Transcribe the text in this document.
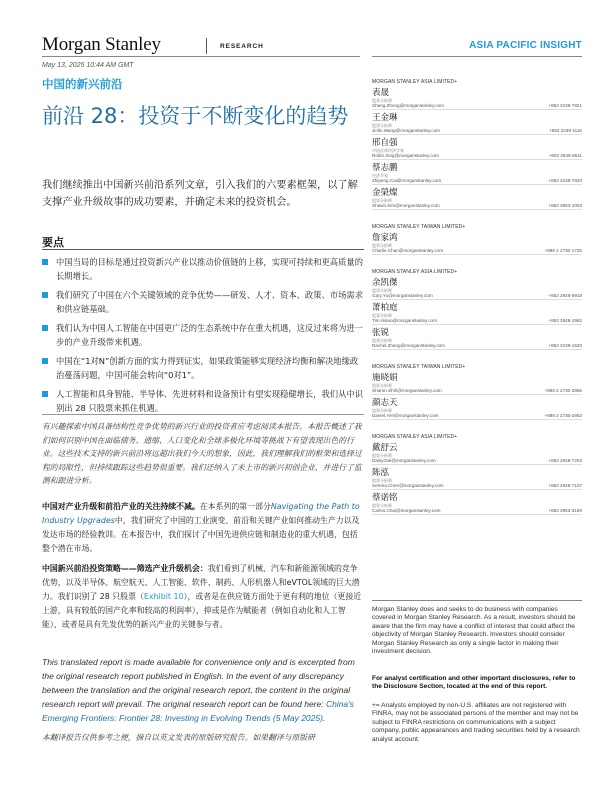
Morgan Stanley	RESEARCH	ASIA PACIFIC INSIGHT
May 13, 2025 10:44 AM GMT
中国的新兴前沿
前沿 28：投资于不断变化的趋势
我们继续推出中国新兴前沿系列文章，引入我们的六要素框架，以了解支撑产业升级故事的成功要素，并确定未来的投资机会。
要点
中国当局的目标是通过投资新兴产业以推动价值链的上移，实现可持续和更高质量的长期增长。
我们研究了中国在六个关键领域的竞争优势——研发、人才、资本、政策、市场需求和供应链基础。
我们认为中国人工智能在中国更广泛的生态系统中存在重大机遇，这反过来将为进一步的产业升级带来机遇。
中国在“1对N”创新方面的实力得到证实，如果政策能够实现经济均衡和解决地缘政治蔓荡问题，中国可能会转向“0对1”。
人工智能和具身智能、半导体、先进材料和设备预计有望实现稳健增长，我们从中识别出 28 只股票来抓住机遇。
有兴趣探索中国具备结构性竞争优势的新兴行业的投资者应考虑阅读本报告。本报告概述了我们如何识别中国在面临债务、通缩、人口变化和全球多极化环境等挑战下有望表现出色的行业。这些技术支持的新兴前沿将远超出我们今天的想象，因此，我们理解我们的框架和选择过程的局限性，但持续跟踪这些趋势很重要。我们还纳入了未上市的新兴初创企业，并进行了监测和跟进分析。
中国对产业升级和前沿产业的关注持续不减。在本系列的第一部分Navigating the Path to Industry Upgrades中，我们研究了中国的工业演变、前沿和关键产业如何推动生产力以及发达市场的经验教训。在本报告中，我们探讨了中国先进供应链和制造业的重大机遇，包括整个潜在市场。
中国新兴前沿投资策略——筛选产业升级机会：我们看到了机械、汽车和新能源领域的竞争优势，以及半导体、航空航天、人工智能、软件、制药、人形机器人和eVTOL领域的巨大潜力。我们识别了 28 只股票（Exhibit 10），或者是在供应链方面处于更有利的地位（更接近上游，具有较低的国产化率和较高的利润率），抑或是作为赋能者（例如自动化和人工智能），或者是具有先发优势的新兴产业的关键参与者。
This translated report is made available for convenience only and is excerpted from the original research report published in English. In the event of any discrepancy between the translation and the original research report, the content in the original research report will prevail. The original research report can be found here: China's Emerging Frontiers: Frontier 28: Investing in Evolving Trends (5 May 2025).
本翻译报告仅供参考之便，摘自以英文发表的原版研究报告。如果翻译与原版研
MORGAN STANLEY ASIA LIMITED+
表晟
股票分析师
Sheng.Zhong@morganstanley.com	+852 2239-7821
王金琳
股票分析师
Jinlin.Wang@morganstanley.com	+852 2239-1116
邢自强
中国首席经济学家
Robin.Xing@morganstanley.com	+852 2848-6511
蔡志鹏
经济学家
Zhipeng.Cai@morganstanley.com	+852 2239-7820
金榮燦
股票分析师
Shawn.Kim@morganstanley.com	+852 3963-1003
MORGAN STANLEY TAIWAN LIMITED+
詹家鸿
股票分析师
Charlie.Chan@morganstanley.com	+886 2 2730-1725
MORGAN STANLEY ASIA LIMITED+
余凯傑
股票分析师
Gary.Yu@morganstanley.com	+852 2848-6918
萧柏庭
股票分析师
Tim.Hsiao@morganstanley.com	+852 2848-1982
张锐
股票分析师
Rachel.Zhang@morganstanley.com	+852 2239-1520
MORGAN STANLEY TAIWAN LIMITED+
施晓娟
股票分析师
Sharon.Shih@morganstanley.com	+886 2 2730-2865
顔志天
股票分析师
Daniel.Yen@morganstanley.com	+886 2 2730-2863
MORGAN STANLEY ASIA LIMITED+
戴舒云
股票分析师
Daisy.Dai@morganstanley.com	+852 2848-7203
陈泓
股票分析师
Serena.Chen@morganstanley.com	+852 2848-7107
蔡诺铭
股票分析师
Carlos.Chai@morganstanley.com	+852 3963-3190
Morgan Stanley does and seeks to do business with companies covered in Morgan Stanley Research. As a result, investors should be aware that the firm may have a conflict of interest that could affect the objectivity of Morgan Stanley Research. Investors should consider Morgan Stanley Research as only a single factor in making their investment decision.
For analyst certification and other important disclosures, refer to the Disclosure Section, located at the end of this report.
+= Analysts employed by non-U.S. affiliates are not registered with FINRA, may not be associated persons of the member and may not be subject to FINRA restrictions on communications with a subject company, public appearances and trading securities held by a research analyst account.
